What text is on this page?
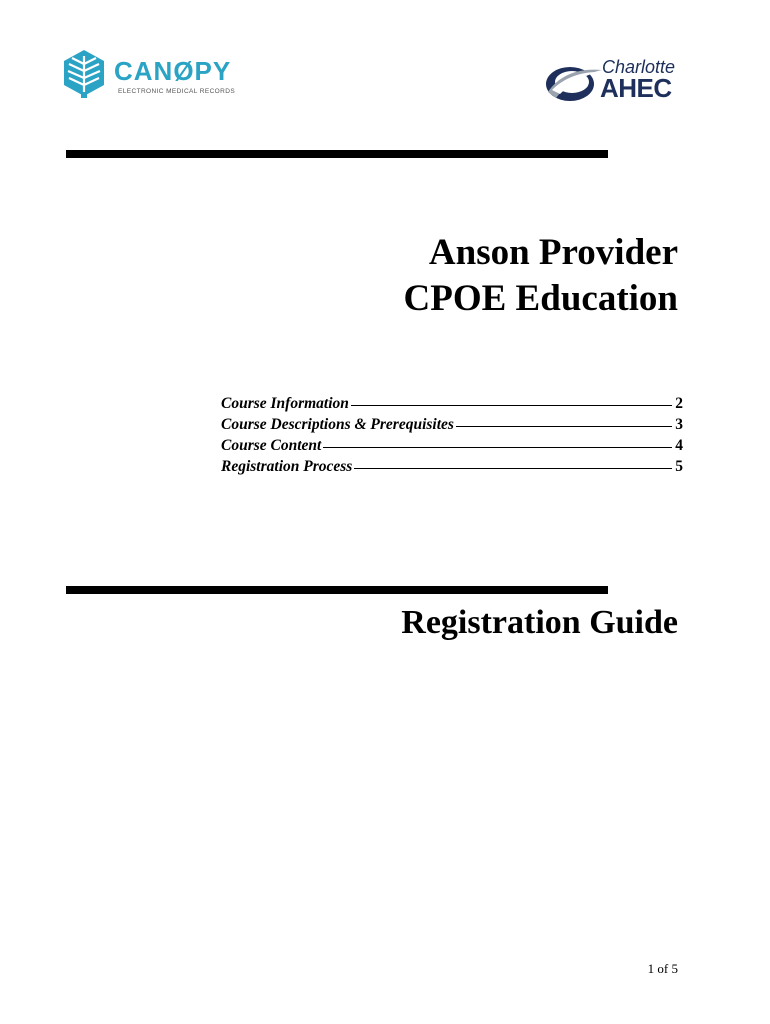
CANØPY
ELECTRONIC MEDICAL RECORDS
Charlotte
AHEC
Anson Provider
CPOE Education
Course Information	2
Course Descriptions & Prerequisites	3
Course Content	4
Registration Process	5
Registration Guide
1 of 5
